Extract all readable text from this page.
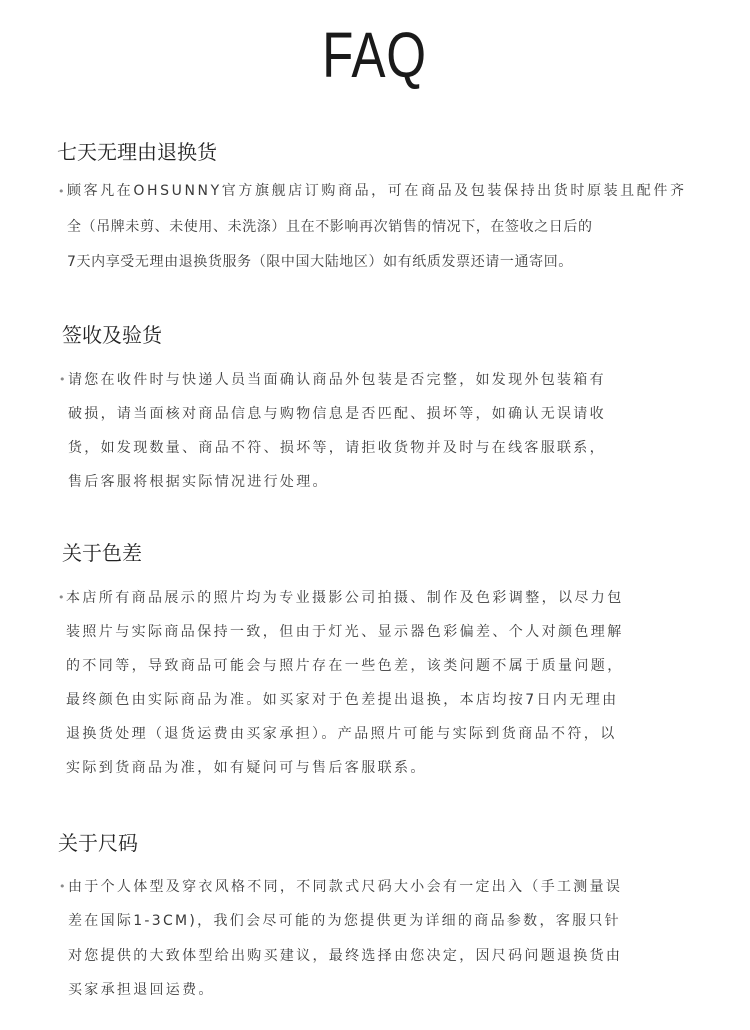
FAQ
七天无理由退换货
• 顾客凡在OHSUNNY官方旗舰店订购商品，可在商品及包装保持出货时原装且配件齐
全（吊牌未剪、未使用、未洗涤）且在不影响再次销售的情况下，在签收之日后的
7天内享受无理由退换货服务（限中国大陆地区）如有纸质发票还请一通寄回。
签收及验货
• 请您在收件时与快递人员当面确认商品外包装是否完整，如发现外包装箱有
破损，请当面核对商品信息与购物信息是否匹配、损坏等，如确认无误请收
货，如发现数量、商品不符、损坏等，请拒收货物并及时与在线客服联系，
售后客服将根据实际情况进行处理。
关于色差
• 本店所有商品展示的照片均为专业摄影公司拍摄、制作及色彩调整，以尽力包
装照片与实际商品保持一致，但由于灯光、显示器色彩偏差、个人对颜色理解
的不同等，导致商品可能会与照片存在一些色差，该类问题不属于质量问题，
最终颜色由实际商品为准。如买家对于色差提出退换，本店均按7日内无理由
退换货处理（退货运费由买家承担）。产品照片可能与实际到货商品不符，以
实际到货商品为准，如有疑问可与售后客服联系。
关于尺码
• 由于个人体型及穿衣风格不同，不同款式尺码大小会有一定出入（手工测量误
差在国际1-3CM)，我们会尽可能的为您提供更为详细的商品参数，客服只针
对您提供的大致体型给出购买建议，最终选择由您决定，因尺码问题退换货由
买家承担退回运费。
